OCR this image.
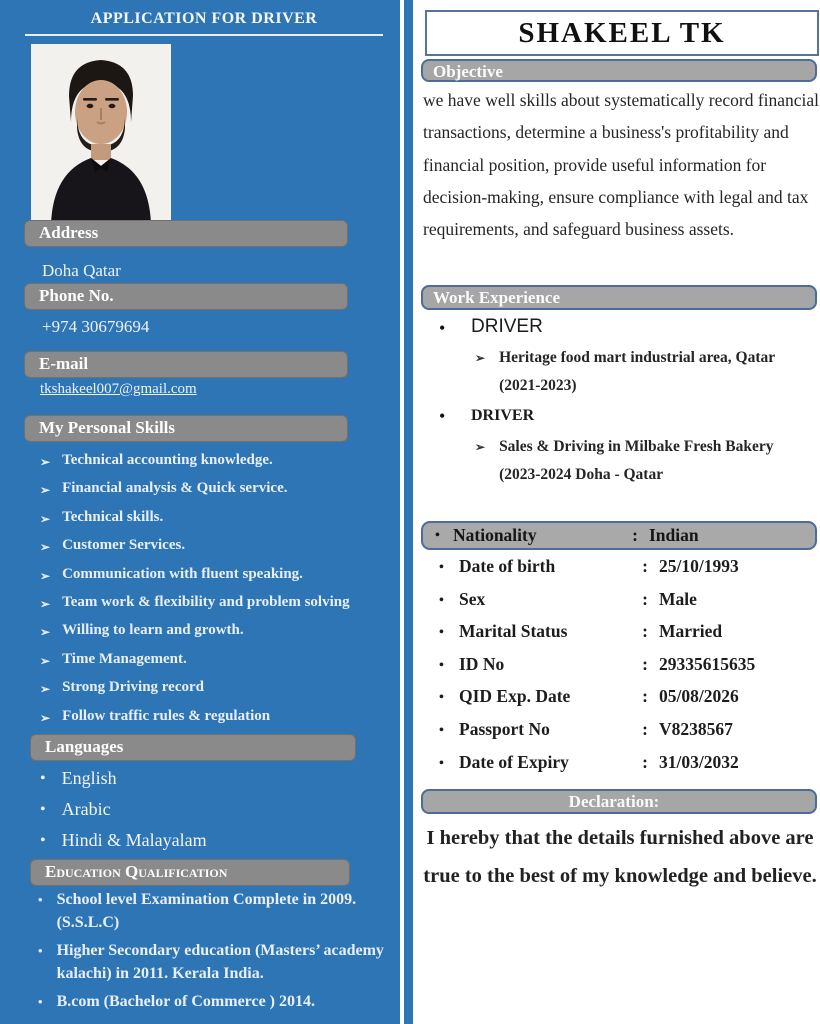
APPLICATION FOR DRIVER
Address
Doha Qatar
Phone No.
+974 30679694
E-mail
tkshakeel007@gmail.com
My Personal Skills
➢ Technical accounting knowledge.
➢ Financial analysis & Quick service.
➢ Technical skills.
➢ Customer Services.
➢ Communication with fluent speaking.
➢ Team work & flexibility and problem solving
➢ Willing to learn and growth.
➢ Time Management.
➢ Strong Driving record
➢ Follow traffic rules & regulation
Languages
• English
• Arabic
• Hindi & Malayalam
Education Qualification
• School level Examination Complete in 2009. (S.S.L.C)
• Higher Secondary education (Masters’ academy kalachi) in 2011. Kerala India.
• B.com (Bachelor of Commerce ) 2014.
SHAKEEL TK
Objective
we have well skills about systematically record financial transactions, determine a business's profitability and financial position, provide useful information for decision-making, ensure compliance with legal and tax requirements, and safeguard business assets.
Work Experience
• DRIVER
➢ Heritage food mart industrial area, Qatar (2021-2023)
• DRIVER
➢ Sales & Driving in Milbake Fresh Bakery (2023-2024 Doha - Qatar
• Nationality	: Indian
• Date of birth	: 25/10/1993
• Sex	: Male
• Marital Status	: Married
• ID No	: 29335615635
• QID Exp. Date	: 05/08/2026
• Passport No	: V8238567
• Date of Expiry	: 31/03/2032
Declaration:
I hereby that the details furnished above are true to the best of my knowledge and believe.
